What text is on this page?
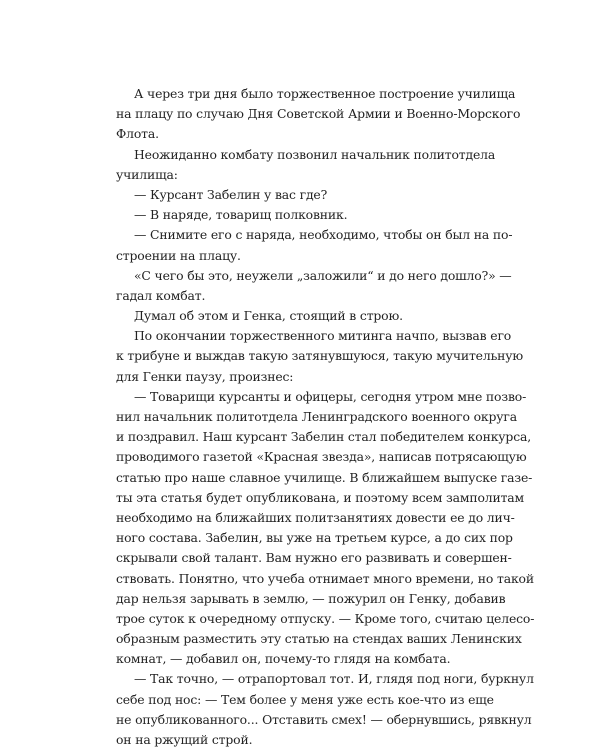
А через три дня было торжественное построение училища
на плацу по случаю Дня Советской Армии и Военно-Морского
Флота.
Неожиданно комбату позвонил начальник политотдела
училища:
— Курсант Забелин у вас где?
— В наряде, товарищ полковник.
— Снимите его с наряда, необходимо, чтобы он был на по-
строении на плацу.
«С чего бы это, неужели „заложили“ и до него дошло?» —
гадал комбат.
Думал об этом и Генка, стоящий в строю.
По окончании торжественного митинга начпо, вызвав его
к трибуне и выждав такую затянувшуюся, такую мучительную
для Генки паузу, произнес:
— Товарищи курсанты и офицеры, сегодня утром мне позво-
нил начальник политотдела Ленинградского военного округа
и поздравил. Наш курсант Забелин стал победителем конкурса,
проводимого газетой «Красная звезда», написав потрясающую
статью про наше славное училище. В ближайшем выпуске газе-
ты эта статья будет опубликована, и поэтому всем замполитам
необходимо на ближайших политзанятиях довести ее до лич-
ного состава. Забелин, вы уже на третьем курсе, а до сих пор
скрывали свой талант. Вам нужно его развивать и совершен-
ствовать. Понятно, что учеба отнимает много времени, но такой
дар нельзя зарывать в землю, — пожурил он Генку, добавив
трое суток к очередному отпуску. — Кроме того, считаю целесо-
образным разместить эту статью на стендах ваших Ленинских
комнат, — добавил он, почему-то глядя на комбата.
— Так точно, — отрапортовал тот. И, глядя под ноги, буркнул
себе под нос: — Тем более у меня уже есть кое-что из еще
не опубликованного... Отставить смех! — обернувшись, рявкнул
он на ржущий строй.
